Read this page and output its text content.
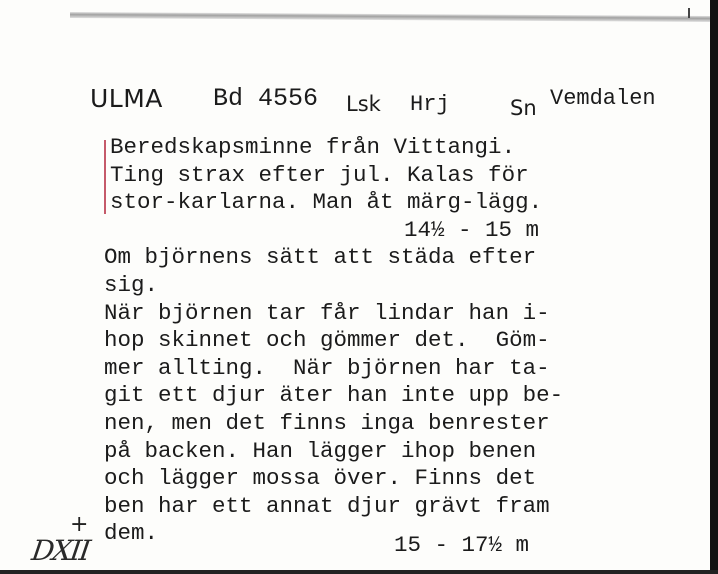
ULMA Bd 4556 Lsk Hrj	Sn Vemdalen
Beredskapsminne från Vittangi.
Ting strax efter jul. Kalas för
stor-karlarna. Man åt märg-lägg.
14½ - 15 m
Om björnens sätt att städa efter
sig.
När björnen tar får lindar han i-
hop skinnet och gömmer det.  Göm-
mer allting.  När björnen har ta-
git ett djur äter han inte upp be-
nen, men det finns inga benrester
på backen. Han lägger ihop benen
och lägger mossa över. Finns det
ben har ett annat djur grävt fram
dem.	15 - 17½ m
+
DXII
